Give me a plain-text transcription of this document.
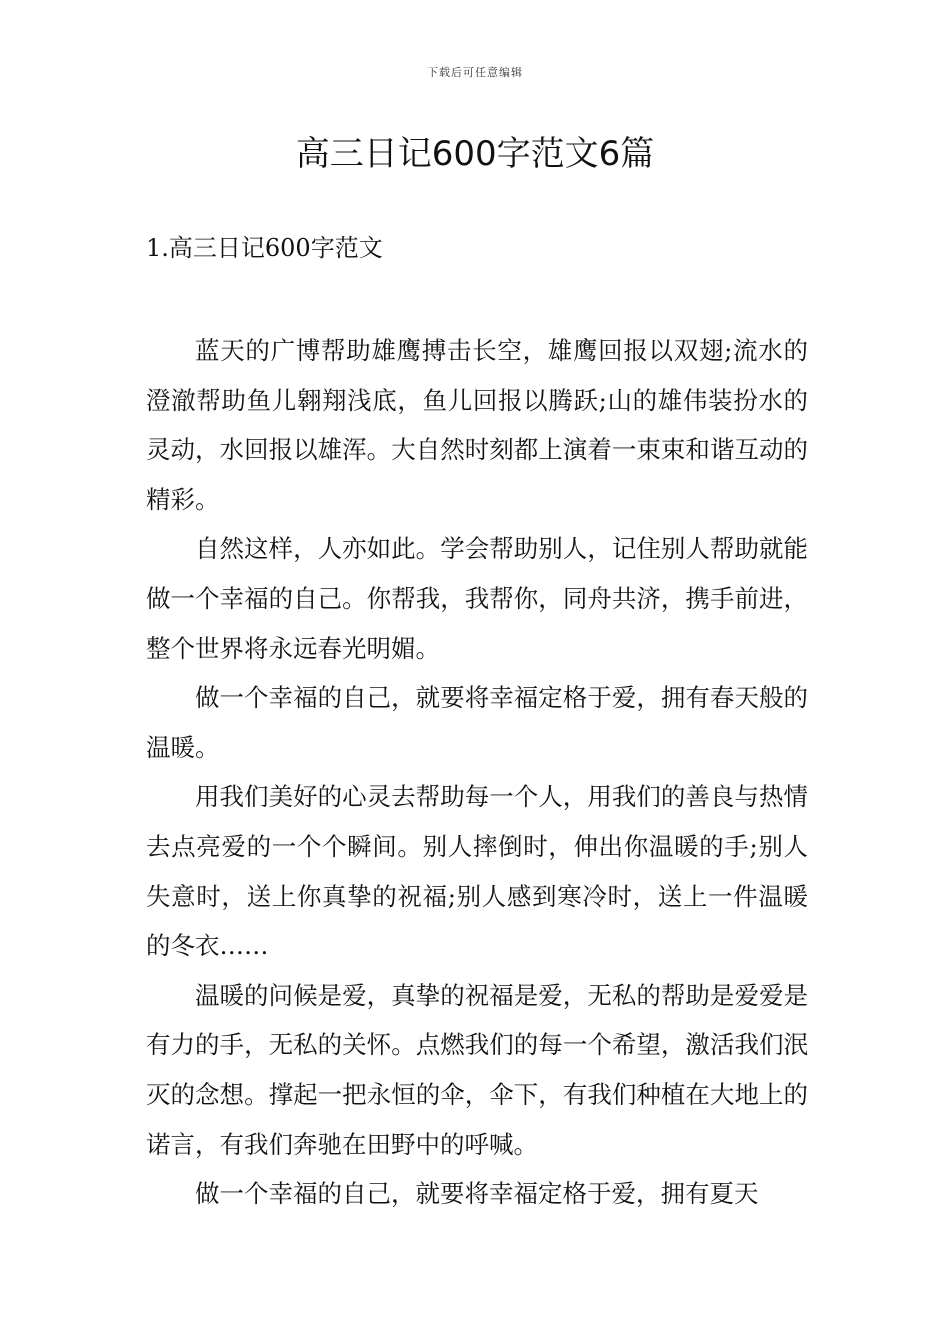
下载后可任意编辑
高三日记600字范文6篇
1.高三日记600字范文

蓝天的广博帮助雄鹰搏击长空，雄鹰回报以双翅;流水的澄澈帮助鱼儿翱翔浅底，鱼儿回报以腾跃;山的雄伟装扮水的灵动，水回报以雄浑。大自然时刻都上演着一束束和谐互动的精彩。

自然这样，人亦如此。学会帮助别人，记住别人帮助就能做一个幸福的自己。你帮我，我帮你，同舟共济，携手前进，整个世界将永远春光明媚。

做一个幸福的自己，就要将幸福定格于爱，拥有春天般的温暖。

用我们美好的心灵去帮助每一个人，用我们的善良与热情去点亮爱的一个个瞬间。别人摔倒时，伸出你温暖的手;别人失意时，送上你真挚的祝福;别人感到寒冷时，送上一件温暖的冬衣……

温暖的问候是爱，真挚的祝福是爱，无私的帮助是爱爱是有力的手，无私的关怀。点燃我们的每一个希望，激活我们泯灭的念想。撑起一把永恒的伞，伞下，有我们种植在大地上的诺言，有我们奔驰在田野中的呼喊。

做一个幸福的自己，就要将幸福定格于爱，拥有夏天
